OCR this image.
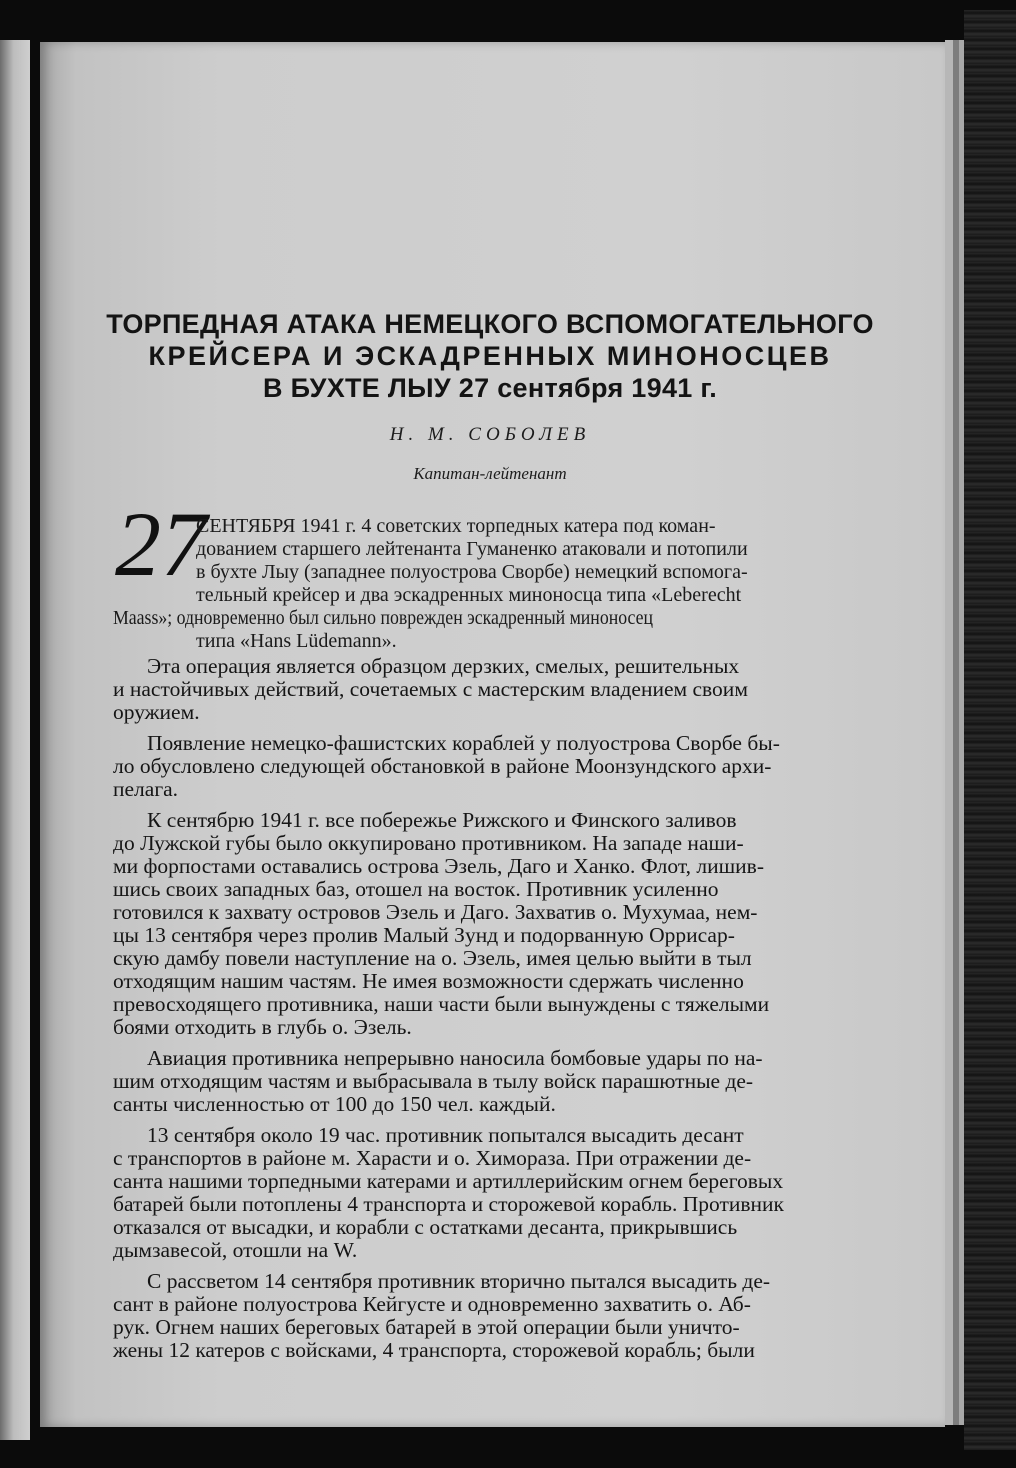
ТОРПЕДНАЯ АТАКА НЕМЕЦКОГО ВСПОМОГАТЕЛЬНОГО
КРЕЙСЕРА И ЭСКАДРЕННЫХ МИНОНОСЦЕВ
В БУХТЕ ЛЫУ 27 сентября 1941 г.
Н. М. СОБОЛЕВ
Капитан-лейтенант
27
СЕНТЯБРЯ 1941 г. 4 советских торпедных катера под коман-
дованием старшего лейтенанта Гуманенко атаковали и потопили
в бухте Лыу (западнее полуострова Сворбе) немецкий вспомога-
тельный крейсер и два эскадренных миноносца типа «Leberecht
Maass»; одновременно был сильно поврежден эскадренный миноносец
типа «Hans Lüdemann».

Эта операция является образцом дерзких, смелых, решительных
и настойчивых действий, сочетаемых с мастерским владением своим
оружием.

Появление немецко-фашистских кораблей у полуострова Сворбе бы-
ло обусловлено следующей обстановкой в районе Моонзундского архи-
пелага.

К сентябрю 1941 г. все побережье Рижского и Финского заливов
до Лужской губы было оккупировано противником. На западе наши-
ми форпостами оставались острова Эзель, Даго и Ханко. Флот, лишив-
шись своих западных баз, отошел на восток. Противник усиленно
готовился к захвату островов Эзель и Даго. Захватив о. Мухумаа, нем-
цы 13 сентября через пролив Малый Зунд и подорванную Оррисар-
скую дамбу повели наступление на о. Эзель, имея целью выйти в тыл
отходящим нашим частям. Не имея возможности сдержать численно
превосходящего противника, наши части были вынуждены с тяжелыми
боями отходить в глубь о. Эзель.

Авиация противника непрерывно наносила бомбовые удары по на-
шим отходящим частям и выбрасывала в тылу войск парашютные де-
санты численностью от 100 до 150 чел. каждый.

13 сентября около 19 час. противник попытался высадить десант
с транспортов в районе м. Харасти и о. Химораза. При отражении де-
санта нашими торпедными катерами и артиллерийским огнем береговых
батарей были потоплены 4 транспорта и сторожевой корабль. Противник
отказался от высадки, и корабли с остатками десанта, прикрывшись
дымзавесой, отошли на W.

С рассветом 14 сентября противник вторично пытался высадить де-
сант в районе полуострова Кейгусте и одновременно захватить о. Аб-
рук. Огнем наших береговых батарей в этой операции были уничто-
жены 12 катеров с войсками, 4 транспорта, сторожевой корабль; были
